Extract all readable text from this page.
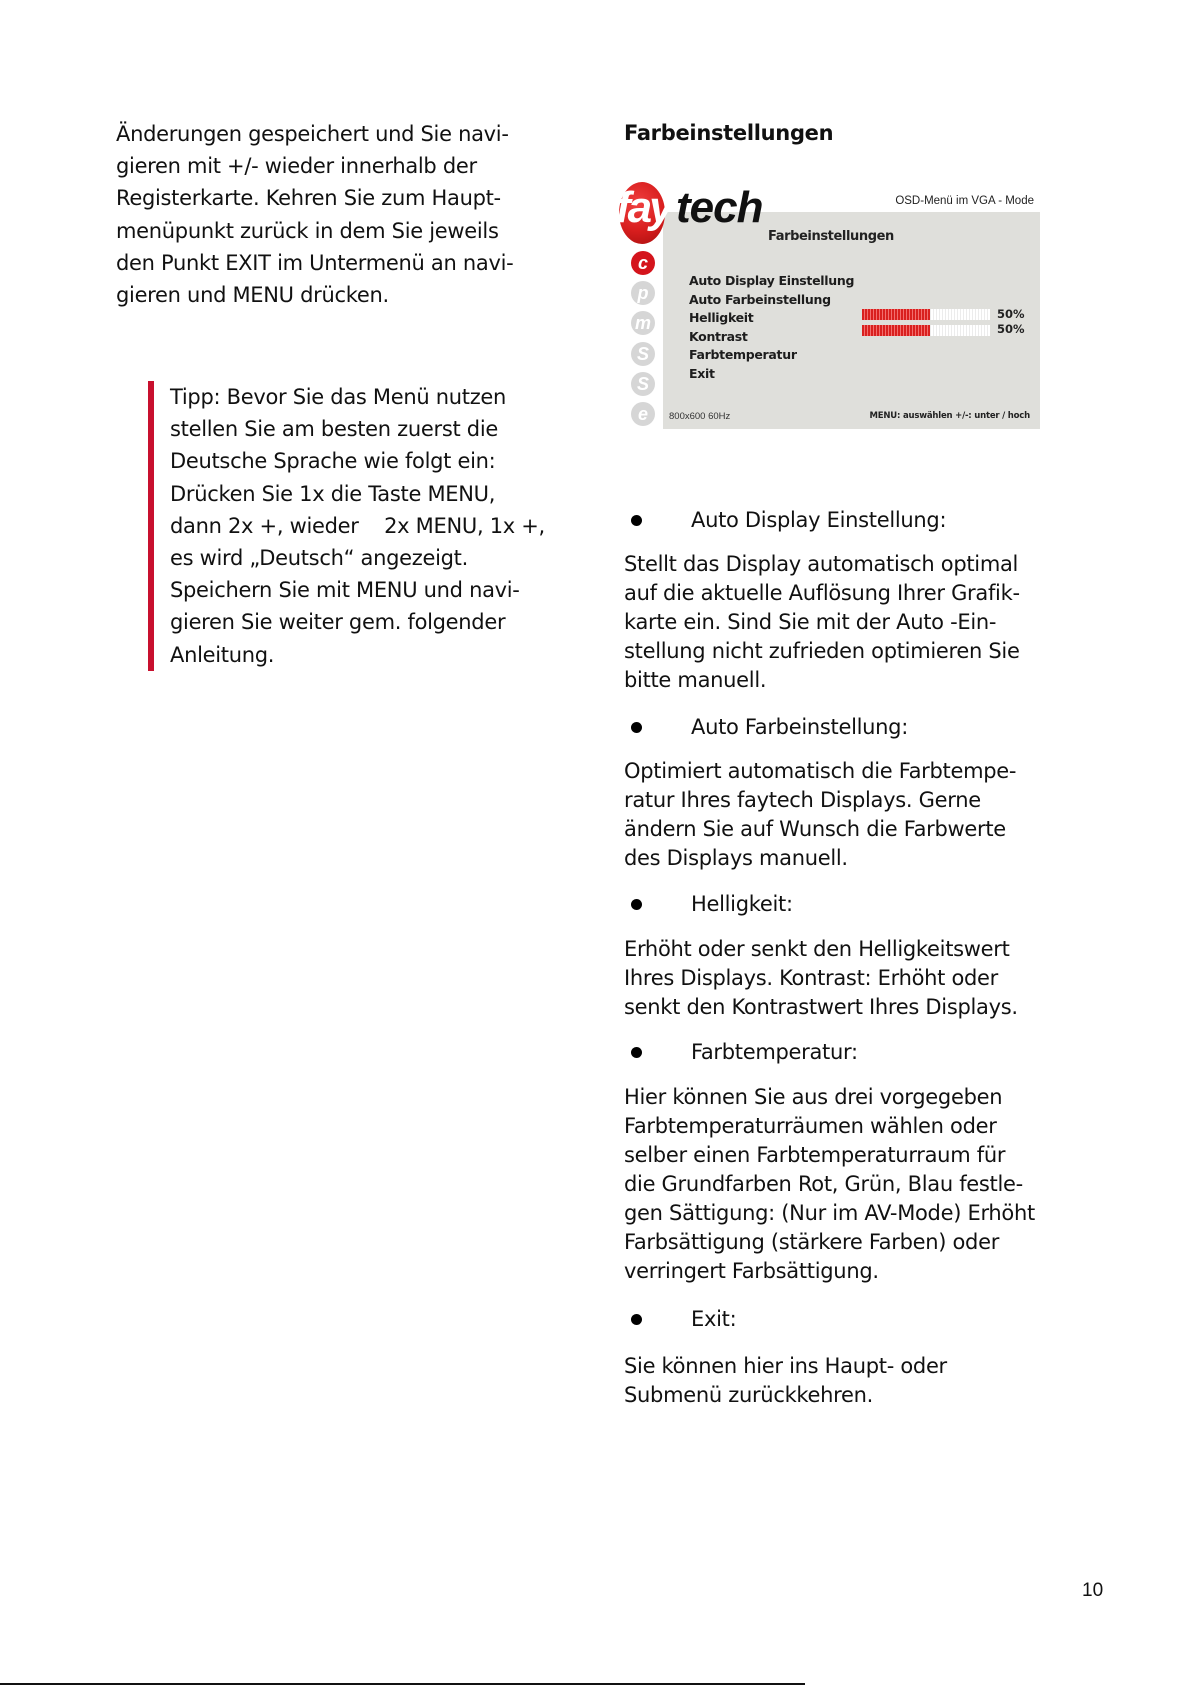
Änderungen gespeichert und Sie navi-
gieren mit +/- wieder innerhalb der
Registerkarte. Kehren Sie zum Haupt-
menüpunkt zurück in dem Sie jeweils
den Punkt EXIT im Untermenü an navi-
gieren und MENU drücken.
Tipp: Bevor Sie das Menü nutzen
stellen Sie am besten zuerst die
Deutsche Sprache wie folgt ein:
Drücken Sie 1x die Taste MENU,
dann 2x +, wieder    2x MENU, 1x +,
es wird „Deutsch“ angezeigt.
Speichern Sie mit MENU und navi-
gieren Sie weiter gem. folgender
Anleitung.
Farbeinstellungen
Farbeinstellungen
Auto Display Einstellung
Auto Farbeinstellung
Helligkeit
Kontrast
Farbtemperatur
Exit
50%
50%
800x600 60Hz	MENU: auswählen +/-: unter / hoch
fay tech	OSD-Menü im VGA - Mode
c
p
m
S
S
e
Auto Display Einstellung:
Stellt das Display automatisch optimal
auf die aktuelle Auflösung Ihrer Grafik-
karte ein. Sind Sie mit der Auto -Ein-
stellung nicht zufrieden optimieren Sie
bitte manuell.
Auto Farbeinstellung:
Optimiert automatisch die Farbtempe-
ratur Ihres faytech Displays. Gerne
ändern Sie auf Wunsch die Farbwerte
des Displays manuell.
Helligkeit:
Erhöht oder senkt den Helligkeitswert
Ihres Displays. Kontrast: Erhöht oder
senkt den Kontrastwert Ihres Displays.
Farbtemperatur:
Hier können Sie aus drei vorgegeben
Farbtemperaturräumen wählen oder
selber einen Farbtemperaturraum für
die Grundfarben Rot, Grün, Blau festle-
gen Sättigung: (Nur im AV-Mode) Erhöht
Farbsättigung (stärkere Farben) oder
verringert Farbsättigung.
Exit:
Sie können hier ins Haupt- oder
Submenü zurückkehren.
10
